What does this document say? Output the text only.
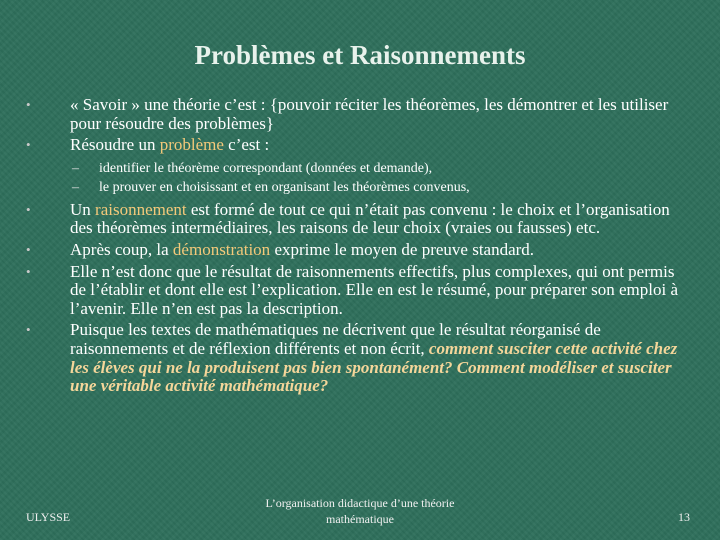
Problèmes et Raisonnements
•	« Savoir » une théorie c’est : {pouvoir réciter les théorèmes, les démontrer et les utiliser pour résoudre des problèmes}
•	Résoudre un problème c’est :
– identifier le théorème correspondant (données et demande),
– le prouver en choisissant et en organisant les théorèmes convenus,
•	Un raisonnement est formé de tout ce qui n’était pas convenu : le choix et l’organisation des théorèmes intermédiaires, les raisons de leur choix (vraies ou fausses) etc.
•	Après coup, la démonstration exprime le moyen de preuve standard.
•	Elle n’est donc que le résultat de raisonnements effectifs, plus complexes, qui ont permis de l’établir et dont elle est l’explication. Elle en est le résumé, pour préparer son emploi à l’avenir. Elle n’en est pas la description.
•	Puisque les textes de mathématiques ne décrivent que le résultat réorganisé de raisonnements et de réflexion différents et non écrit, comment susciter cette activité chez les élèves qui ne la produisent pas bien spontanément? Comment modéliser et susciter une véritable activité mathématique?
ULYSSE
L’organisation didactique d’une théorie
mathématique	13
